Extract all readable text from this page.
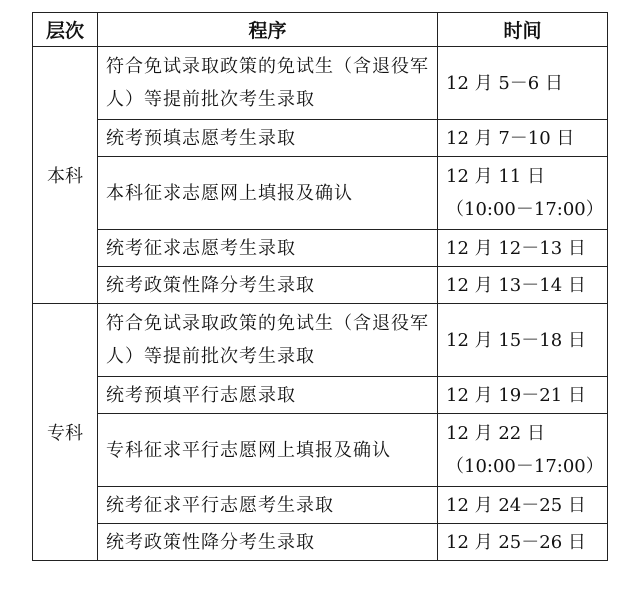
层次	程序	时间
本科	符合免试录取政策的免试生（含退役军人）等提前批次考生录取	12 月 5－6 日
	统考预填志愿考生录取	12 月 7－10 日
	本科征求志愿网上填报及确认	12 月 11 日（10:00－17:00）
	统考征求志愿考生录取	12 月 12－13 日
	统考政策性降分考生录取	12 月 13－14 日
专科	符合免试录取政策的免试生（含退役军人）等提前批次考生录取	12 月 15－18 日
	统考预填平行志愿录取	12 月 19－21 日
	专科征求平行志愿网上填报及确认	12 月 22 日（10:00－17:00）
	统考征求平行志愿考生录取	12 月 24－25 日
	统考政策性降分考生录取	12 月 25－26 日
